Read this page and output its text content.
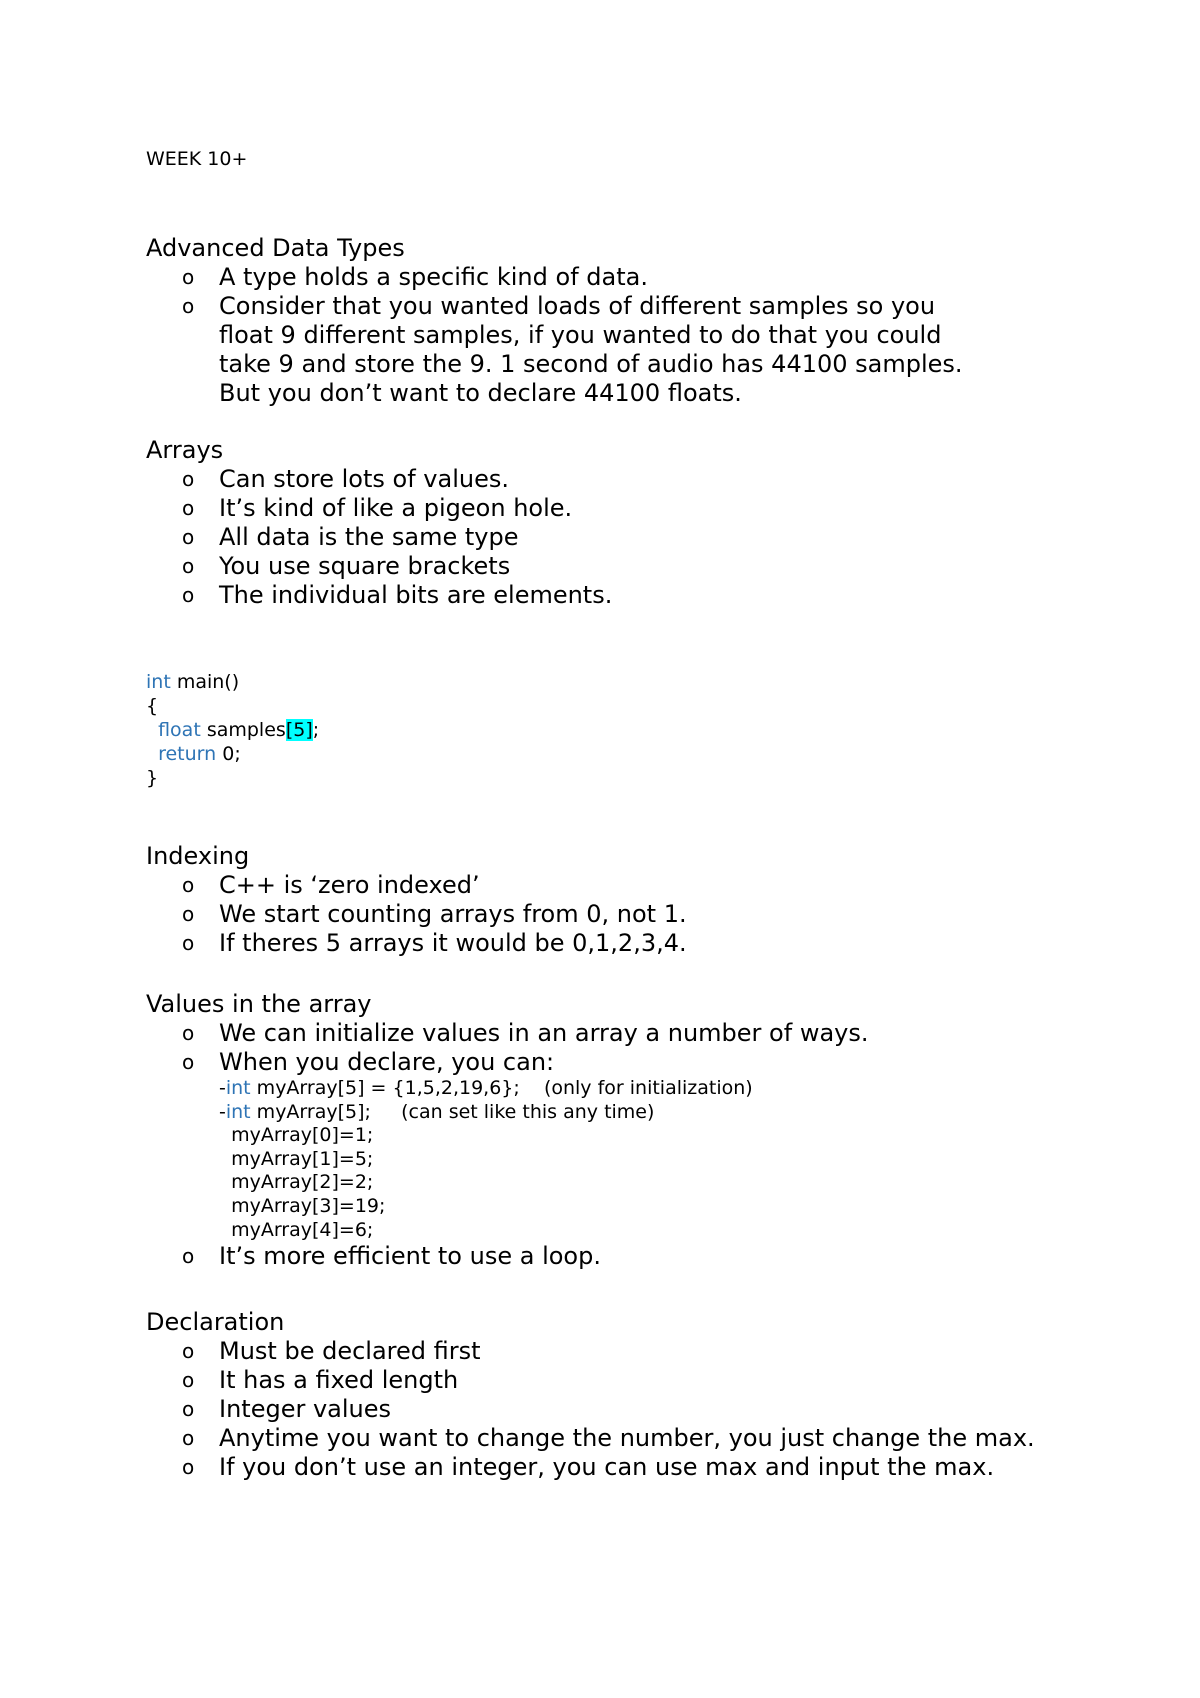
WEEK 10+
Advanced Data Types
o A type holds a specific kind of data.
o Consider that you wanted loads of different samples so you float 9 different samples, if you wanted to do that you could take 9 and store the 9. 1 second of audio has 44100 samples. But you don’t want to declare 44100 floats.
Arrays
o Can store lots of values.
o It’s kind of like a pigeon hole.
o All data is the same type
o You use square brackets
o The individual bits are elements.
int main()
{
float samples[5];
return 0;
}
Indexing
o C++ is ‘zero indexed’
o We start counting arrays from 0, not 1.
o If theres 5 arrays it would be 0,1,2,3,4.
Values in the array
o We can initialize values in an array a number of ways.
o When you declare, you can:
-int myArray[5] = {1,5,2,19,6};    (only for initialization)
-int myArray[5];     (can set like this any time)
myArray[0]=1;
myArray[1]=5;
myArray[2]=2;
myArray[3]=19;
myArray[4]=6;
o It’s more efficient to use a loop.
Declaration
o Must be declared first
o It has a fixed length
o Integer values
o Anytime you want to change the number, you just change the max.
o If you don’t use an integer, you can use max and input the max.
